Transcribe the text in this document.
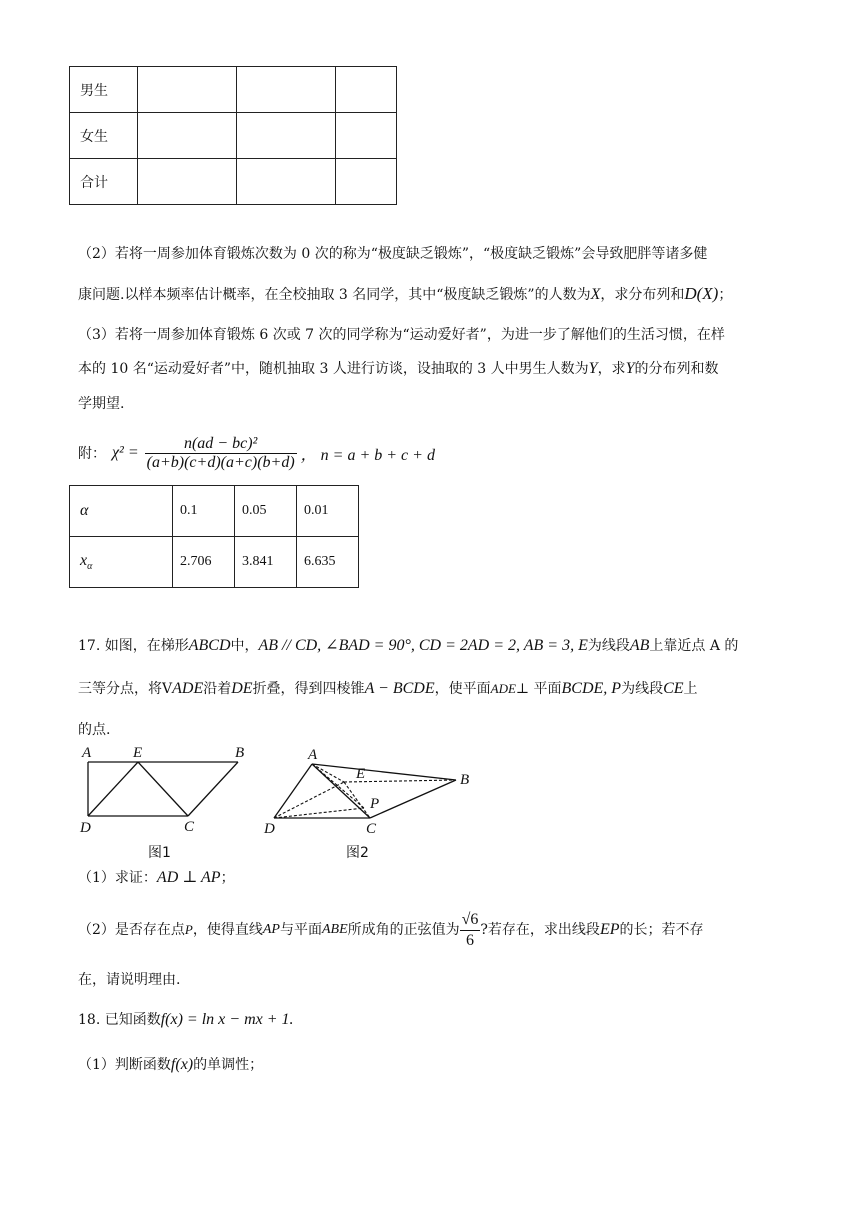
男生			
女生			
合计			
（2）若将一周参加体育锻炼次数为 0 次的称为“极度缺乏锻炼”，“极度缺乏锻炼”会导致肥胖等诸多健
康问题.以样本频率估计概率，在全校抽取 3 名同学，其中“极度缺乏锻炼”的人数为X，求分布列和D(X)；
（3）若将一周参加体育锻炼 6 次或 7 次的同学称为“运动爱好者”，为进一步了解他们的生活习惯，在样
本的 10 名“运动爱好者”中，随机抽取 3 人进行访谈，设抽取的 3 人中男生人数为Y，求Y的分布列和数
学期望.
附： $\chi^2 = \frac{\text{n(ad − bc)²}}{(a+b)(c+d)(a+c)(b+d)}$ ， n = a + b + c + d
α	0.1	0.05	0.01
$x_\alpha$	2.706	3.841	6.635
17. 如图，在梯形ABCD中，AB // CD, ∠BAD = 90°, CD = 2AD = 2, AB = 3, E为线段AB上靠近点 A 的
三等分点，将VADE沿着DE折叠，得到四棱锥A − BCDE，使平面ADE⊥ 平面BCDE, P为线段CE上
的点.
A	E	B
D	C
图1
A
E	B
P
D	C
图2
（1）求证：AD ⊥ AP；
（2）是否存在点 P ，使得直线 AP 与平面 ABE 所成角的正弦值为 $\frac{√6}{6}$ ?若存在，求出线段 EP 的长；若不存
在，请说明理由.
18. 已知函数f(x) = ln x − mx + 1.
（1）判断函数f(x)的单调性；
